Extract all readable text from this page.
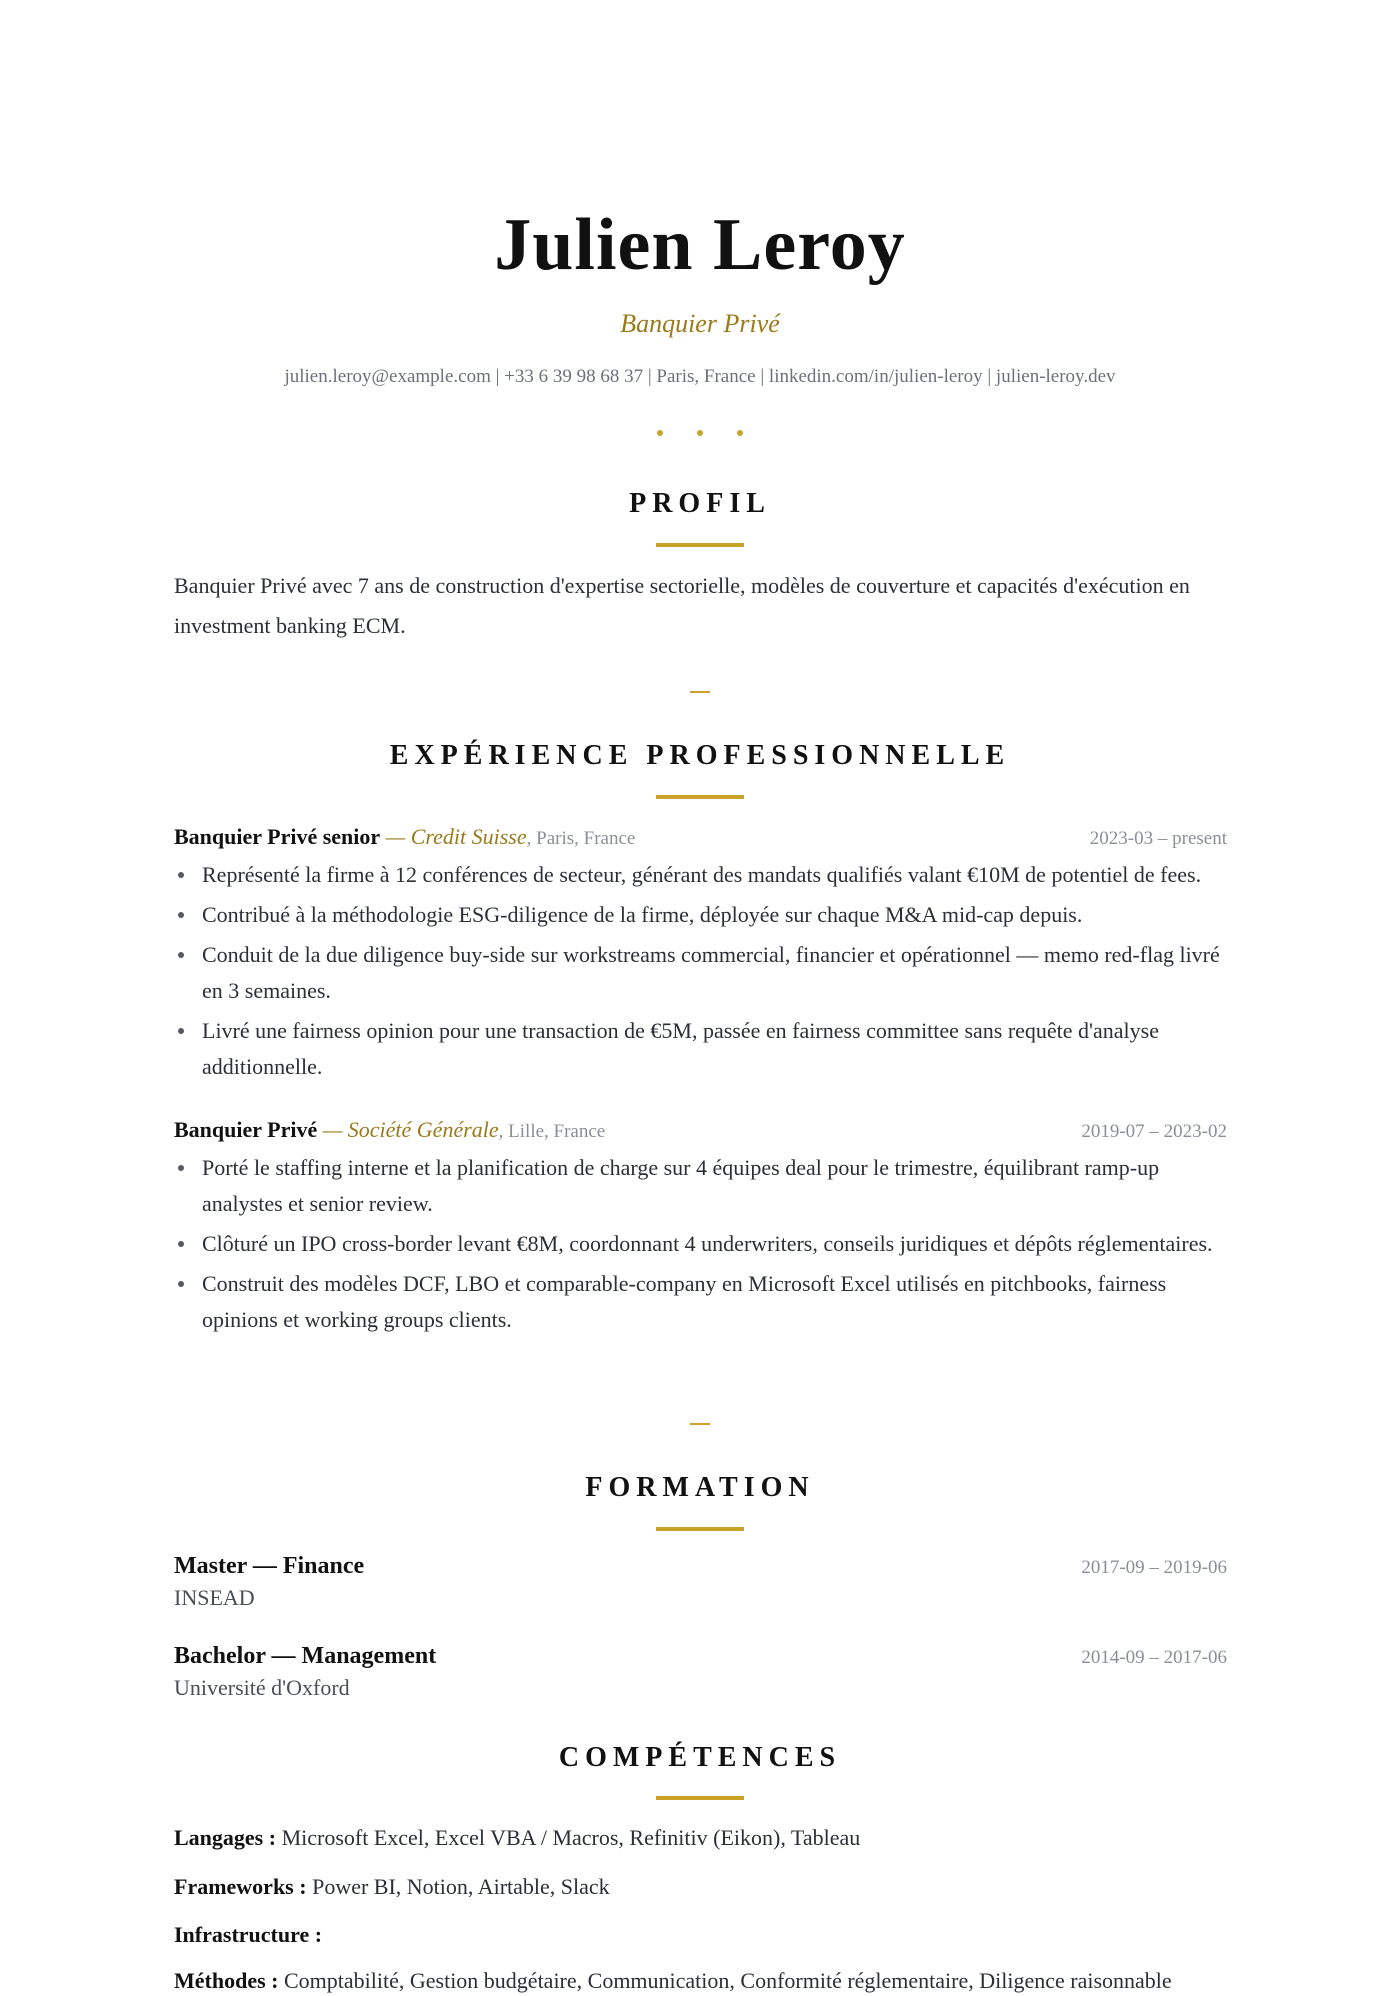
Julien Leroy
Banquier Privé
julien.leroy@example.com | +33 6 39 98 68 37 | Paris, France | linkedin.com/in/julien-leroy | julien-leroy.dev
PROFIL

Banquier Privé avec 7 ans de construction d'expertise sectorielle, modèles de couverture et capacités d'exécution en investment banking ECM.

EXPÉRIENCE PROFESSIONNELLE
Banquier Privé senior — Credit Suisse, Paris, France	2023-03 – present
Représenté la firme à 12 conférences de secteur, générant des mandats qualifiés valant €10M de potentiel de fees.
Contribué à la méthodologie ESG-diligence de la firme, déployée sur chaque M&A mid-cap depuis.
Conduit de la due diligence buy-side sur workstreams commercial, financier et opérationnel — memo red-flag livré en 3 semaines.
Livré une fairness opinion pour une transaction de €5M, passée en fairness committee sans requête d'analyse additionnelle.
Banquier Privé — Société Générale, Lille, France	2019-07 – 2023-02
Porté le staffing interne et la planification de charge sur 4 équipes deal pour le trimestre, équilibrant ramp-up analystes et senior review.
Clôturé un IPO cross-border levant €8M, coordonnant 4 underwriters, conseils juridiques et dépôts réglementaires.
Construit des modèles DCF, LBO et comparable-company en Microsoft Excel utilisés en pitchbooks, fairness opinions et working groups clients.
FORMATION
Master — Finance	2017-09 – 2019-06
INSEAD
Bachelor — Management	2014-09 – 2017-06
Université d'Oxford
COMPÉTENCES
Langages : Microsoft Excel, Excel VBA / Macros, Refinitiv (Eikon), Tableau
Frameworks : Power BI, Notion, Airtable, Slack
Infrastructure :
Méthodes : Comptabilité, Gestion budgétaire, Communication, Conformité réglementaire, Diligence raisonnable
